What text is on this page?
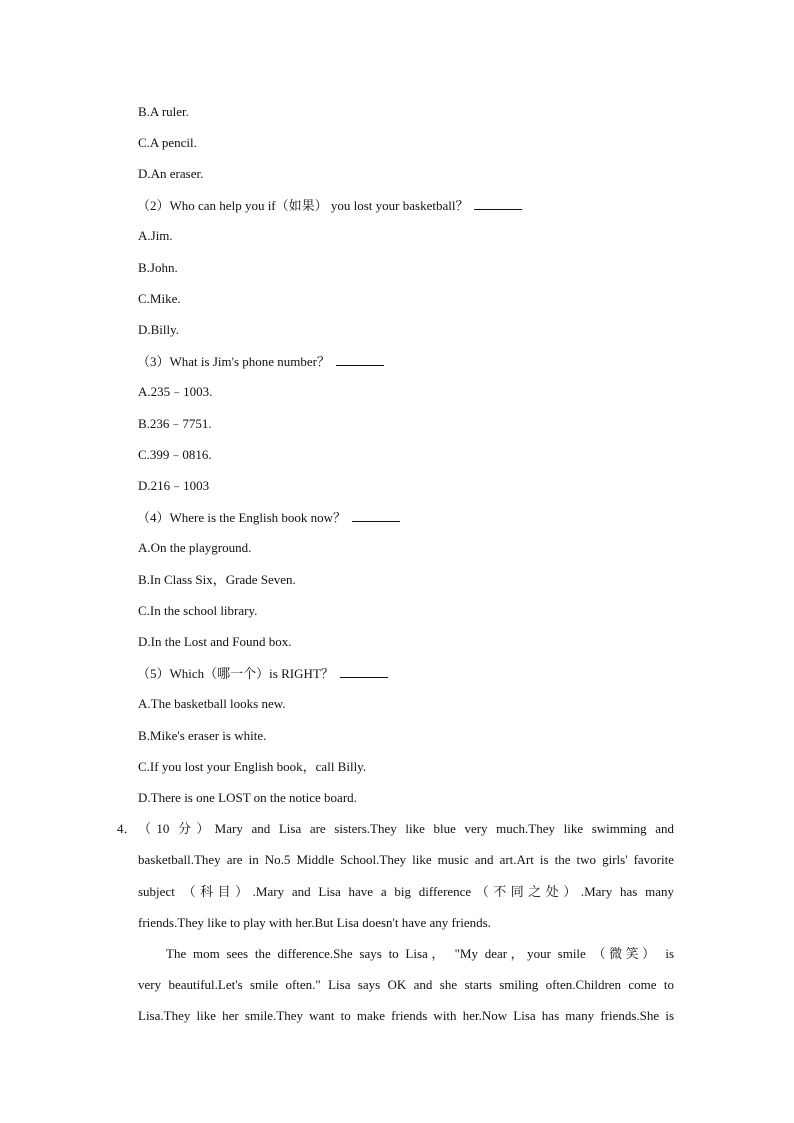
B.A ruler.
C.A pencil.
D.An eraser.
（2）Who can help you if（如果） you lost your basketball？
A.Jim.
B.John.
C.Mike.
D.Billy.
（3）What is Jim's phone number？
A.235﹣1003.
B.236﹣7751.
C.399﹣0816.
D.216﹣1003
（4）Where is the English book now？
A.On the playground.
B.In Class Six，Grade Seven.
C.In the school library.
D.In the Lost and Found box.
（5）Which（哪一个）is RIGHT？
A.The basketball looks new.
B.Mike's eraser is white.
C.If you lost your English book，call Billy.
D.There is one LOST on the notice board.
4． （10 分）Mary and Lisa are sisters.They like blue very much.They like swimming and
basketball.They are in No.5 Middle School.They like music and art.Art is the two girls' favorite
subject （科目）.Mary and Lisa have a big difference（不同之处）.Mary has many
friends.They like to play with her.But Lisa doesn't have any friends.
The mom sees the difference.She says to Lisa， "My dear，your smile （微笑） is
very beautiful.Let's smile often." Lisa says OK and she starts smiling often.Children come to
Lisa.They like her smile.They want to make friends with her.Now Lisa has many friends.She is
